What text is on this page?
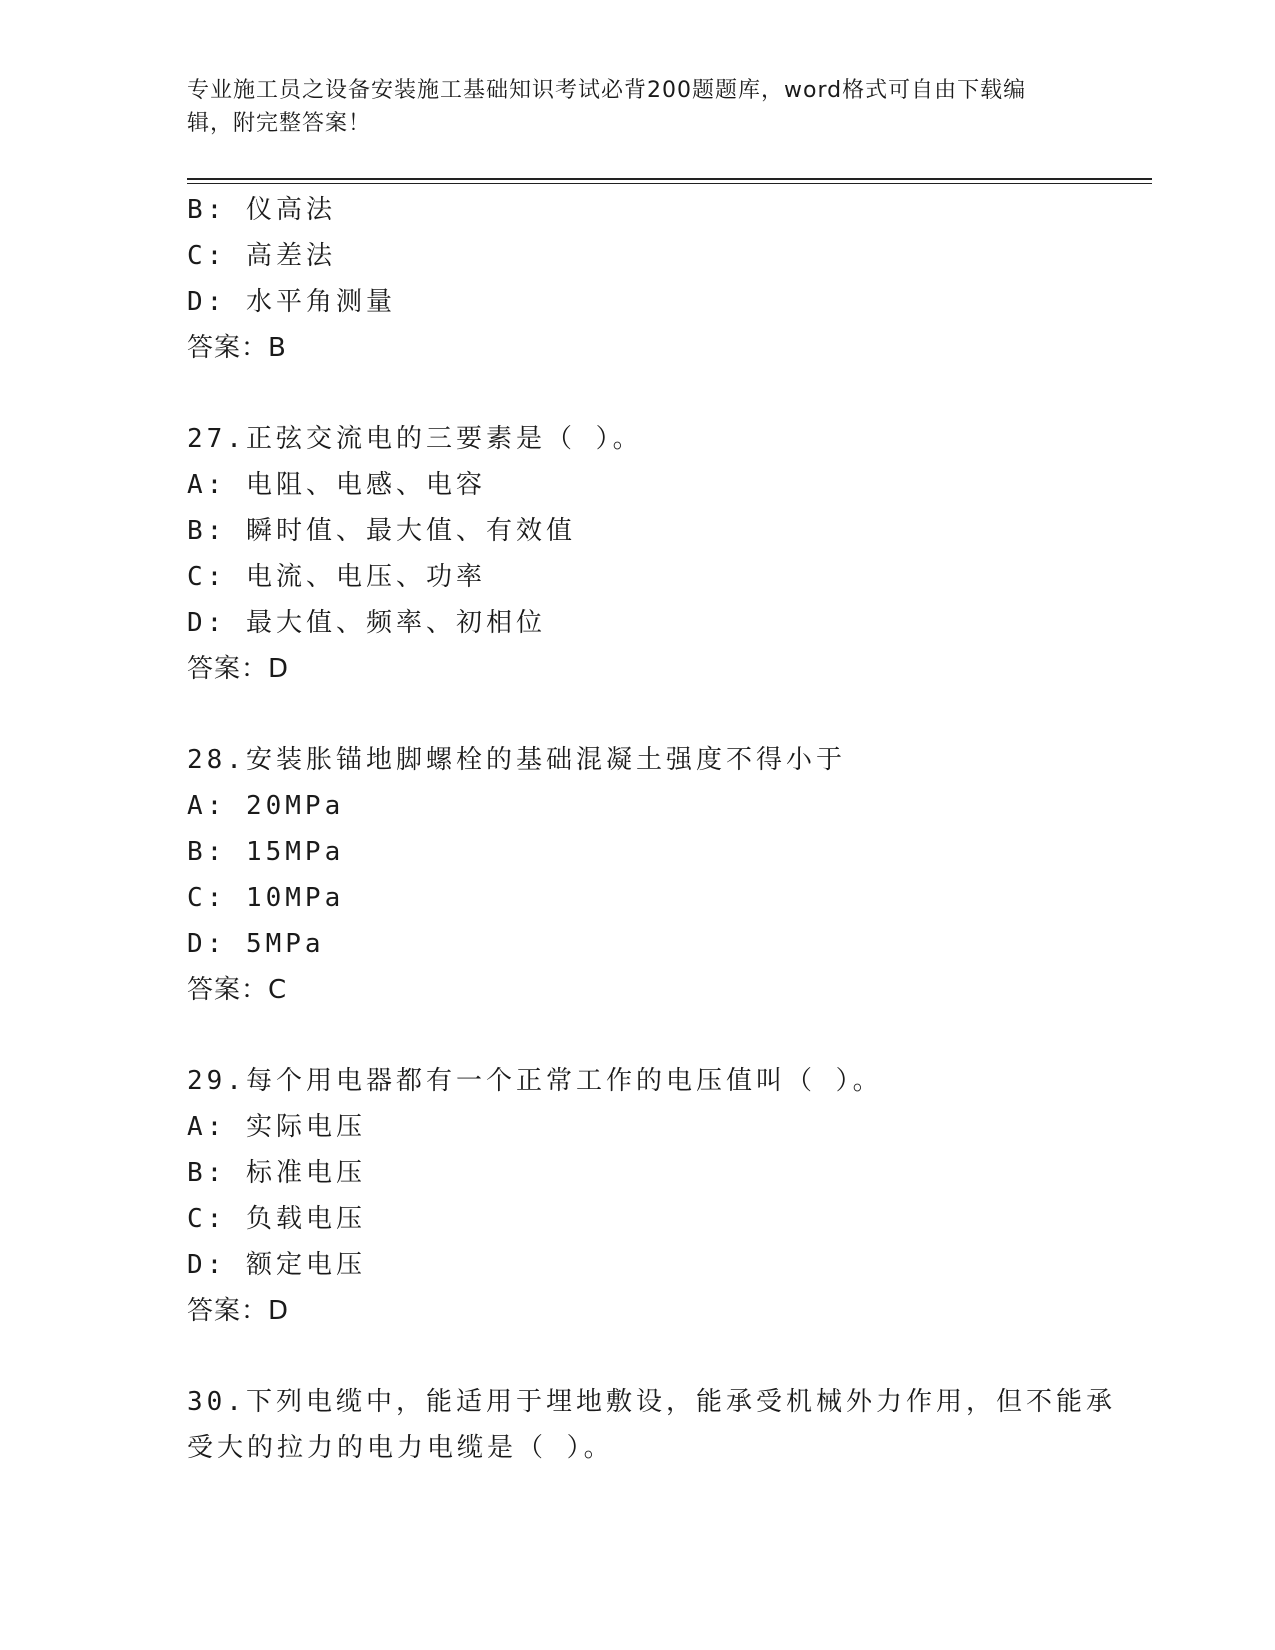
专业施工员之设备安装施工基础知识考试必背200题题库，word格式可自由下载编辑，附完整答案！
B: 仪高法
C: 高差法
D: 水平角测量
答案：B
27.正弦交流电的三要素是（ ）。
A: 电阻、电感、电容
B: 瞬时值、最大值、有效值
C: 电流、电压、功率
D: 最大值、频率、初相位
答案：D
28.安装胀锚地脚螺栓的基础混凝土强度不得小于
A: 20MPa
B: 15MPa
C: 10MPa
D: 5MPa
答案：C
29.每个用电器都有一个正常工作的电压值叫（ ）。
A: 实际电压
B: 标准电压
C: 负载电压
D: 额定电压
答案：D
30.下列电缆中，能适用于埋地敷设，能承受机械外力作用，但不能承
受大的拉力的电力电缆是（ ）。
